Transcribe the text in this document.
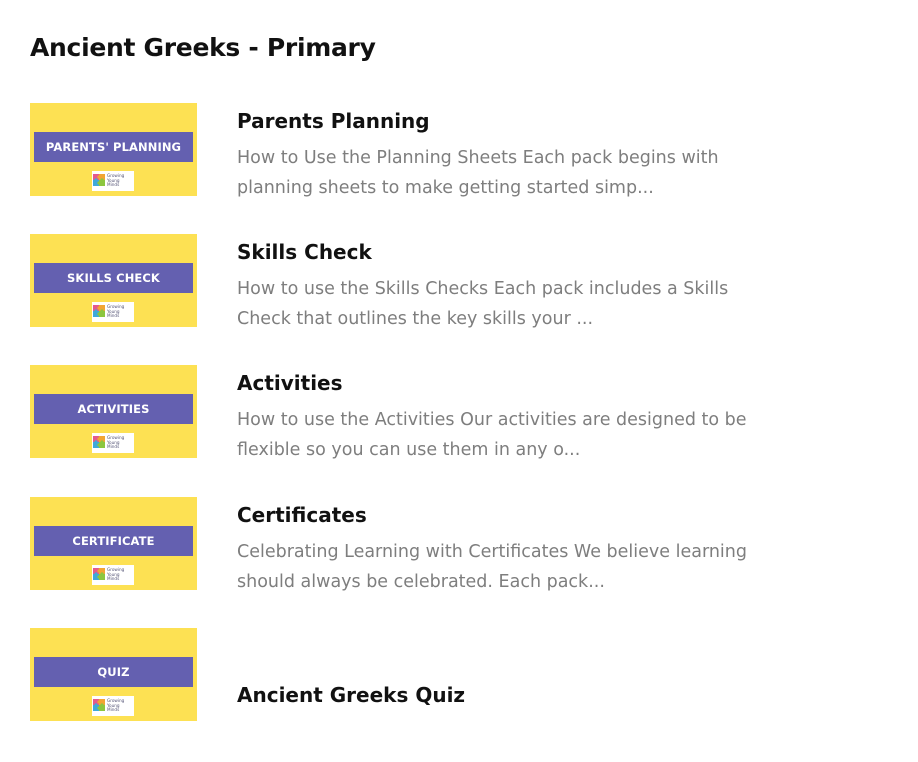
Ancient Greeks - Primary
PARENTS' PLANNING
Growing
Young
Minds
Parents Planning

How to Use the Planning Sheets Each pack begins with planning sheets to make getting started simp...

SKILLS CHECK
Growing
Young
Minds
Skills Check

How to use the Skills Checks Each pack includes a Skills Check that outlines the key skills your ...

ACTIVITIES
Growing
Young
Minds
Activities

How to use the Activities Our activities are designed to be flexible so you can use them in any o...

CERTIFICATE
Growing
Young
Minds
Certificates

Celebrating Learning with Certificates We believe learning should always be celebrated. Each pack...

QUIZ
Growing
Young
Minds
Ancient Greeks Quiz
